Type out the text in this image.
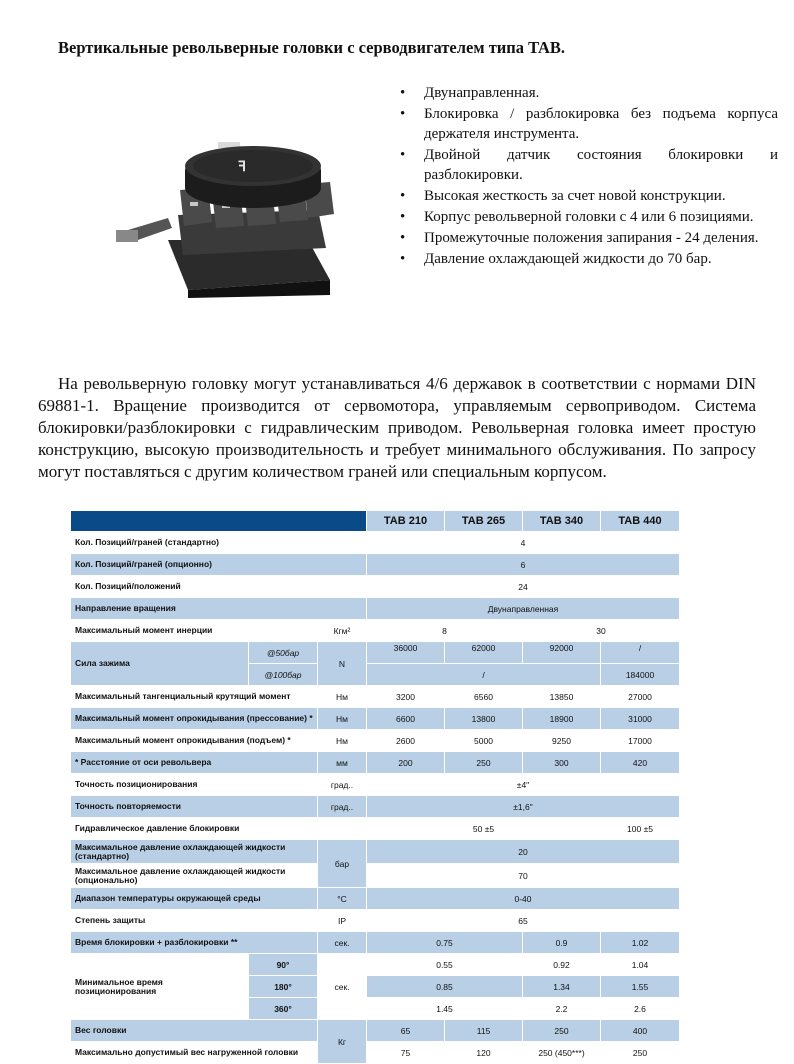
Вертикальные револьверные головки с серводвигателем типа TAB.
ꟻ
• Двунаправленная.
• Блокировка / разблокировка без подъема корпуса держателя инструмента.
• Двойной датчик состояния блокировки и разблокировки.
• Высокая жесткость за счет новой конструкции.
• Корпус револьверной головки с 4 или 6 позициями.
• Промежуточные положения запирания - 24 деления.
• Давление охлаждающей жидкости до 70 бар.

На револьверную головку могут устанавливаться 4/6 державок в соответствии с нормами DIN 69881-1. Вращение производится от сервомотора, управляемым сервоприводом. Система блокировки/разблокировки с гидравлическим приводом. Револьверная головка имеет простую конструкцию, высокую производительность и требует минимального обслуживания. По запросу могут поставляться с другим количеством граней или специальным корпусом.

			TAB 210	TAB 265	TAB 340	TAB 440
Кол. Позиций/граней (стандартно)			4			
Кол. Позиций/граней (опционно)			6			
Кол. Позиций/положений			24			
Направление вращения			Двунаправленная			
Максимальный момент инерции		Кгм²	8		30	
Сила зажима	@50бар	N	36000	62000	92000	/
	@100бар		/			184000
Максимальный тангенциальный крутящий момент		Нм	3200	6560	13850	27000
Максимальный момент опрокидывания (прессование) *		Нм	6600	13800	18900	31000
Максимальный момент опрокидывания (подъем) *		Нм	2600	5000	9250	17000
* Расстояние от оси револьвера		мм	200	250	300	420
Точность позиционирования		град..	±4"			
Точность повторяемости		град..	±1,6"			
Гидравлическое давление блокировки			50 ±5			100 ±5
Максимальное давление охлаждающей жидкости (стандартно)		бар	20			
Максимальное давление охлаждающей жидкости (опционально)			70			
Диапазон температуры окружающей среды		°C	0-40			
Степень защиты		IP	65			
Время блокировки + разблокировки **		сек.	0.75		0.9	1.02
Минимальное время позиционирования	90°	сек.	0.55		0.92	1.04
	180°		0.85		1.34	1.55
	360°		1.45		2.2	2.6
Вес головки		Кг	65	115	250	400
Максимально допустимый вес нагруженной головки			75	120	250 (450***)	250
